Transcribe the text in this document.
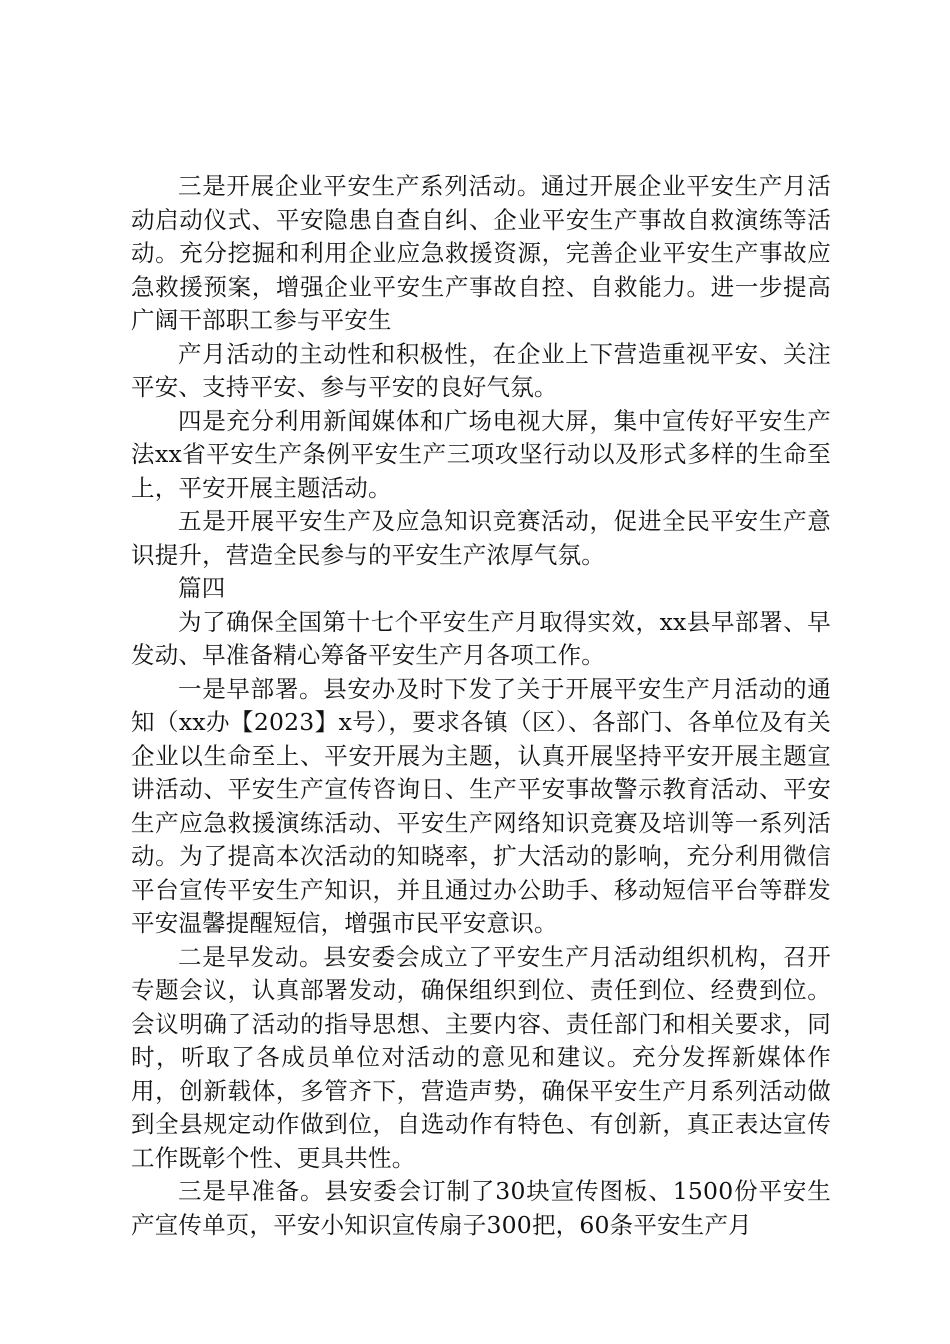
三是开展企业平安生产系列活动。通过开展企业平安生产月活动启动仪式、平安隐患自查自纠、企业平安生产事故自救演练等活动。充分挖掘和利用企业应急救援资源，完善企业平安生产事故应急救援预案，增强企业平安生产事故自控、自救能力。进一步提高广阔干部职工参与平安生

产月活动的主动性和积极性，在企业上下营造重视平安、关注平安、支持平安、参与平安的良好气氛。

四是充分利用新闻媒体和广场电视大屏，集中宣传好平安生产法xx省平安生产条例平安生产三项攻坚行动以及形式多样的生命至上，平安开展主题活动。

五是开展平安生产及应急知识竞赛活动，促进全民平安生产意识提升，营造全民参与的平安生产浓厚气氛。

篇四

为了确保全国第十七个平安生产月取得实效，xx县早部署、早发动、早准备精心筹备平安生产月各项工作。

一是早部署。县安办及时下发了关于开展平安生产月活动的通知（xx办【2023】x号），要求各镇（区）、各部门、各单位及有关企业以生命至上、平安开展为主题，认真开展坚持平安开展主题宣讲活动、平安生产宣传咨询日、生产平安事故警示教育活动、平安生产应急救援演练活动、平安生产网络知识竞赛及培训等一系列活动。为了提高本次活动的知晓率，扩大活动的影响，充分利用微信平台宣传平安生产知识，并且通过办公助手、移动短信平台等群发平安温馨提醒短信，增强市民平安意识。

二是早发动。县安委会成立了平安生产月活动组织机构，召开专题会议，认真部署发动，确保组织到位、责任到位、经费到位。会议明确了活动的指导思想、主要内容、责任部门和相关要求，同时，听取了各成员单位对活动的意见和建议。充分发挥新媒体作用，创新载体，多管齐下，营造声势，确保平安生产月系列活动做到全县规定动作做到位，自选动作有特色、有创新，真正表达宣传工作既彰个性、更具共性。

三是早准备。县安委会订制了30块宣传图板、1500份平安生产宣传单页，平安小知识宣传扇子300把，60条平安生产月
